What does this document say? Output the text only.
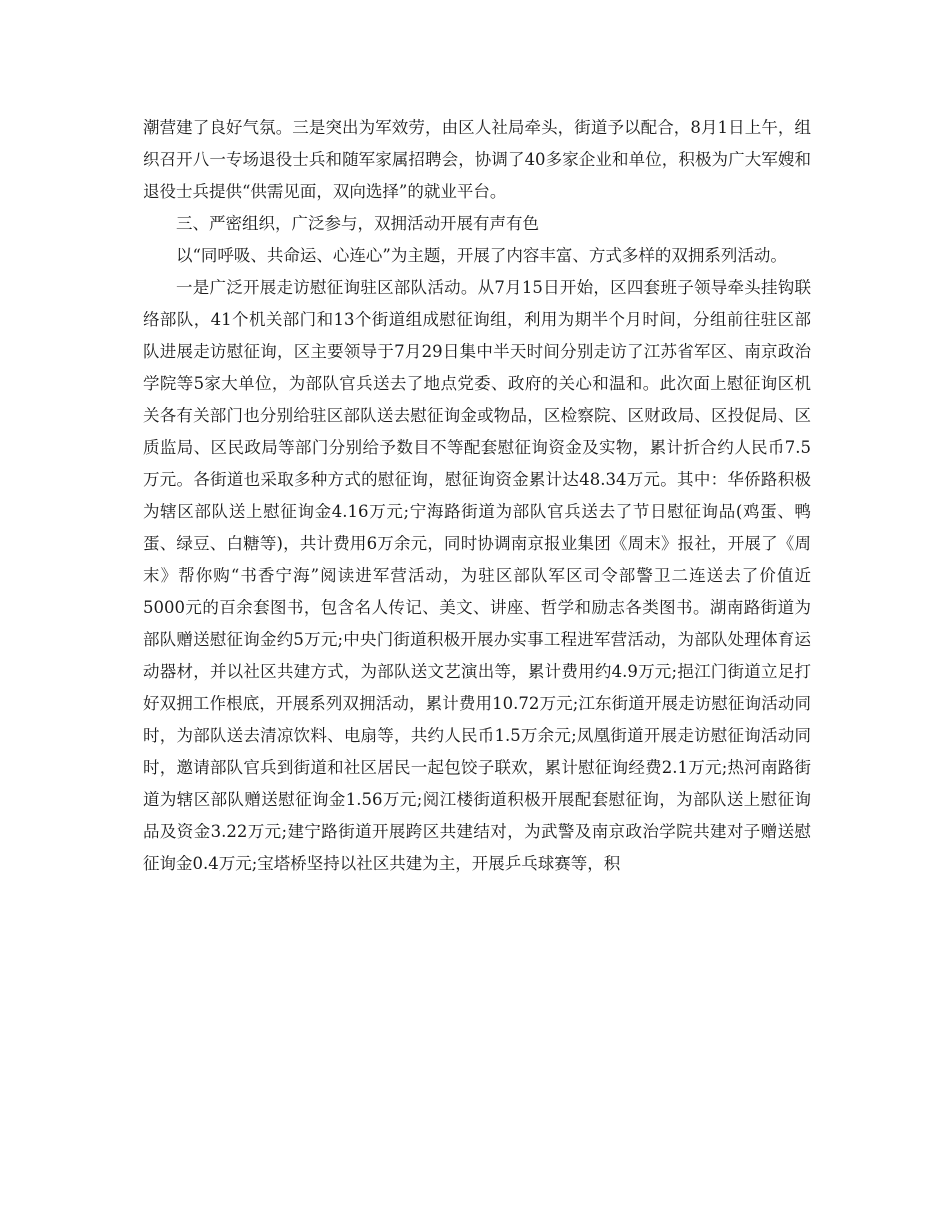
潮营建了良好气氛。三是突出为军效劳，由区人社局牵头，街道予以配合，8月1日上午，组织召开八一专场退役士兵和随军家属招聘会，协调了40多家企业和单位，积极为广大军嫂和退役士兵提供“供需见面，双向选择”的就业平台。

三、严密组织，广泛参与，双拥活动开展有声有色

以“同呼吸、共命运、心连心”为主题，开展了内容丰富、方式多样的双拥系列活动。

一是广泛开展走访慰征询驻区部队活动。从7月15日开始，区四套班子领导牵头挂钩联络部队，41个机关部门和13个街道组成慰征询组，利用为期半个月时间，分组前往驻区部队进展走访慰征询，区主要领导于7月29日集中半天时间分别走访了江苏省军区、南京政治学院等5家大单位，为部队官兵送去了地点党委、政府的关心和温和。此次面上慰征询区机关各有关部门也分别给驻区部队送去慰征询金或物品，区检察院、区财政局、区投促局、区质监局、区民政局等部门分别给予数目不等配套慰征询资金及实物，累计折合约人民币7.5万元。各街道也采取多种方式的慰征询，慰征询资金累计达48.34万元。其中：华侨路积极为辖区部队送上慰征询金4.16万元;宁海路街道为部队官兵送去了节日慰征询品(鸡蛋、鸭蛋、绿豆、白糖等)，共计费用6万余元，同时协调南京报业集团《周末》报社，开展了《周末》帮你购“书香宁海”阅读进军营活动，为驻区部队军区司令部警卫二连送去了价值近5000元的百余套图书，包含名人传记、美文、讲座、哲学和励志各类图书。湖南路街道为部队赠送慰征询金约5万元;中央门街道积极开展办实事工程进军营活动，为部队处理体育运动器材，并以社区共建方式，为部队送文艺演出等，累计费用约4.9万元;挹江门街道立足打好双拥工作根底，开展系列双拥活动，累计费用10.72万元;江东街道开展走访慰征询活动同时，为部队送去清凉饮料、电扇等，共约人民币1.5万余元;凤凰街道开展走访慰征询活动同时，邀请部队官兵到街道和社区居民一起包饺子联欢，累计慰征询经费2.1万元;热河南路街道为辖区部队赠送慰征询金1.56万元;阅江楼街道积极开展配套慰征询，为部队送上慰征询品及资金3.22万元;建宁路街道开展跨区共建结对，为武警及南京政治学院共建对子赠送慰征询金0.4万元;宝塔桥坚持以社区共建为主，开展乒乓球赛等，积
